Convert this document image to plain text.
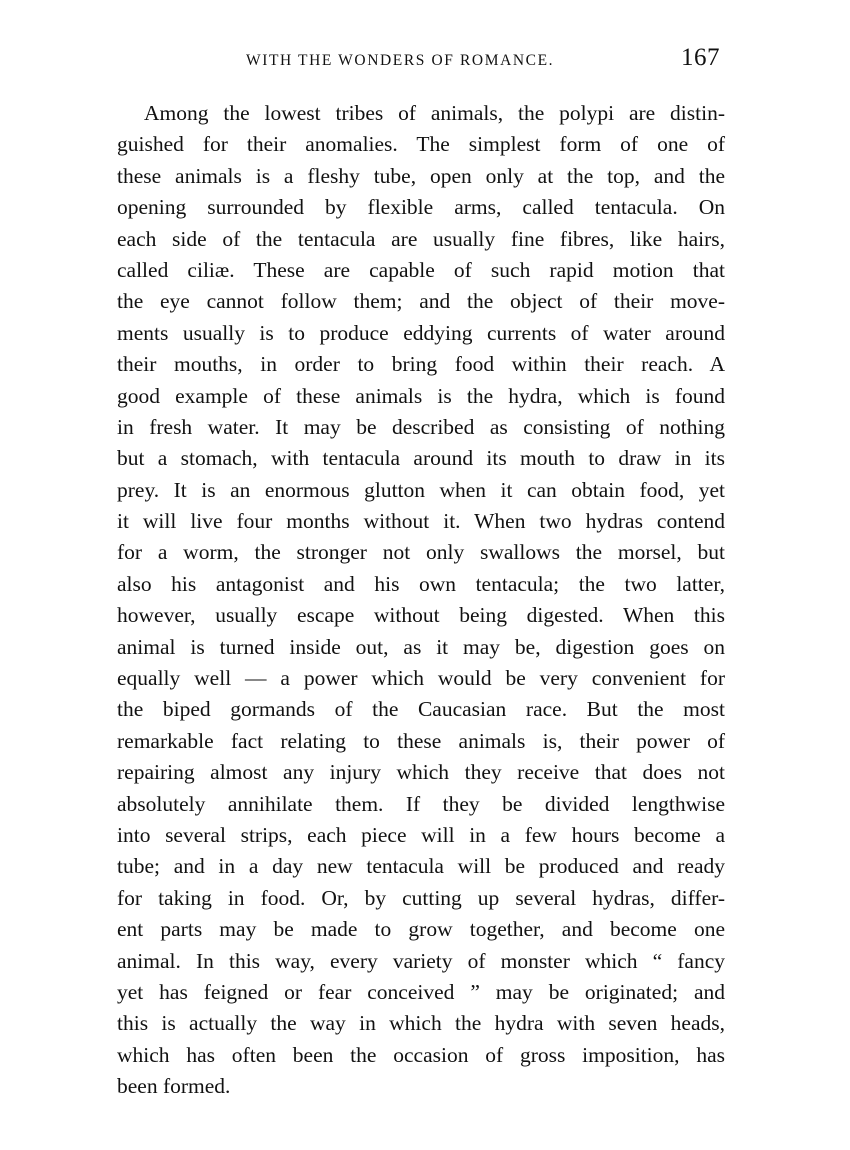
WITH THE WONDERS OF ROMANCE.	167
Among the lowest tribes of animals, the polypi are distin-
guished for their anomalies. The simplest form of one of
these animals is a fleshy tube, open only at the top, and the
opening surrounded by flexible arms, called tentacula. On
each side of the tentacula are usually fine fibres, like hairs,
called ciliæ. These are capable of such rapid motion that
the eye cannot follow them; and the object of their move-
ments usually is to produce eddying currents of water around
their mouths, in order to bring food within their reach. A
good example of these animals is the hydra, which is found
in fresh water. It may be described as consisting of nothing
but a stomach, with tentacula around its mouth to draw in its
prey. It is an enormous glutton when it can obtain food, yet
it will live four months without it. When two hydras contend
for a worm, the stronger not only swallows the morsel, but
also his antagonist and his own tentacula; the two latter,
however, usually escape without being digested. When this
animal is turned inside out, as it may be, digestion goes on
equally well — a power which would be very convenient for
the biped gormands of the Caucasian race. But the most
remarkable fact relating to these animals is, their power of
repairing almost any injury which they receive that does not
absolutely annihilate them. If they be divided lengthwise
into several strips, each piece will in a few hours become a
tube; and in a day new tentacula will be produced and ready
for taking in food. Or, by cutting up several hydras, differ-
ent parts may be made to grow together, and become one
animal. In this way, every variety of monster which “ fancy
yet has feigned or fear conceived ” may be originated; and
this is actually the way in which the hydra with seven heads,
which has often been the occasion of gross imposition, has
been formed.
